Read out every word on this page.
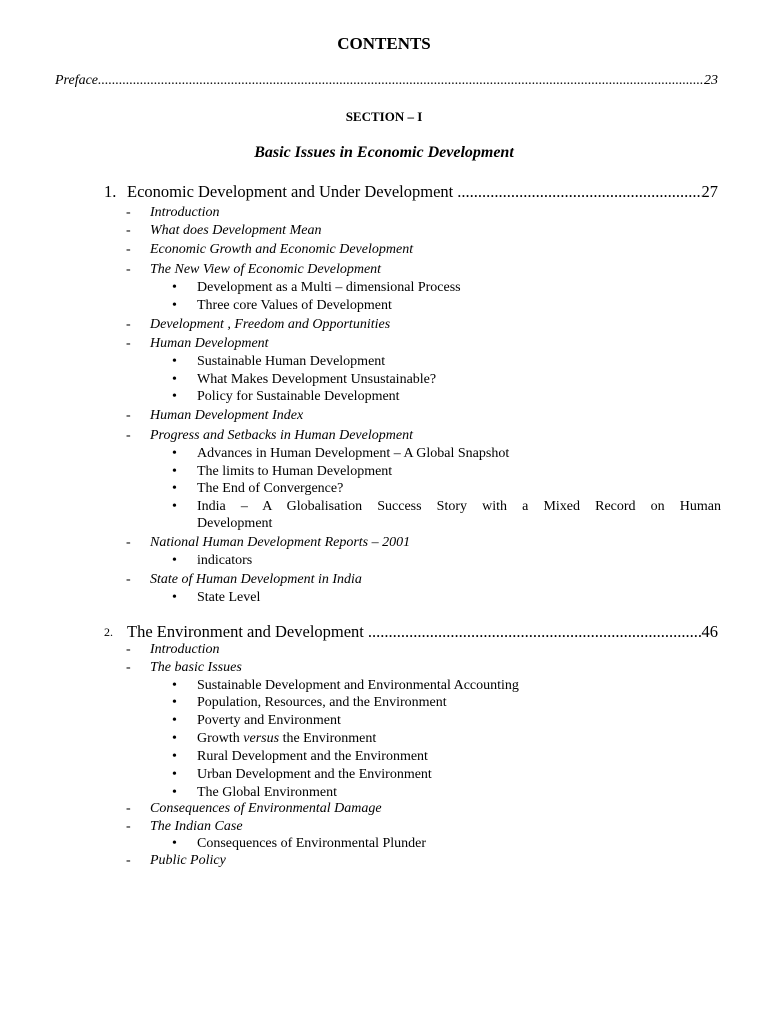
CONTENTS
Preface. .....	23
SECTION – I
Basic Issues in Economic Development
1. Economic Development and Under Development .....	27
- Introduction
- What does Development Mean
- Economic Growth and Economic Development
- The New View of Economic Development
• Development as a Multi – dimensional Process
• Three core Values of Development
- Development , Freedom and Opportunities
- Human Development
• Sustainable Human Development
• What Makes Development Unsustainable?
• Policy for Sustainable Development
- Human Development Index
- Progress and Setbacks in Human Development
• Advances in Human Development – A Global Snapshot
• The limits to Human Development
• The End of Convergence?
• India – A Globalisation Success Story with a Mixed Record on Human
Development
- National Human Development Reports – 2001
• indicators
- State of Human Development in India
• State Level
2. The Environment and Development .....	46
- Introduction
- The basic Issues
• Sustainable Development and Environmental Accounting
• Population, Resources, and the Environment
• Poverty and Environment
• Growth versus the Environment
• Rural Development and the Environment
• Urban Development and the Environment
• The Global Environment
- Consequences of Environmental Damage
- The Indian Case
• Consequences of Environmental Plunder
- Public Policy
